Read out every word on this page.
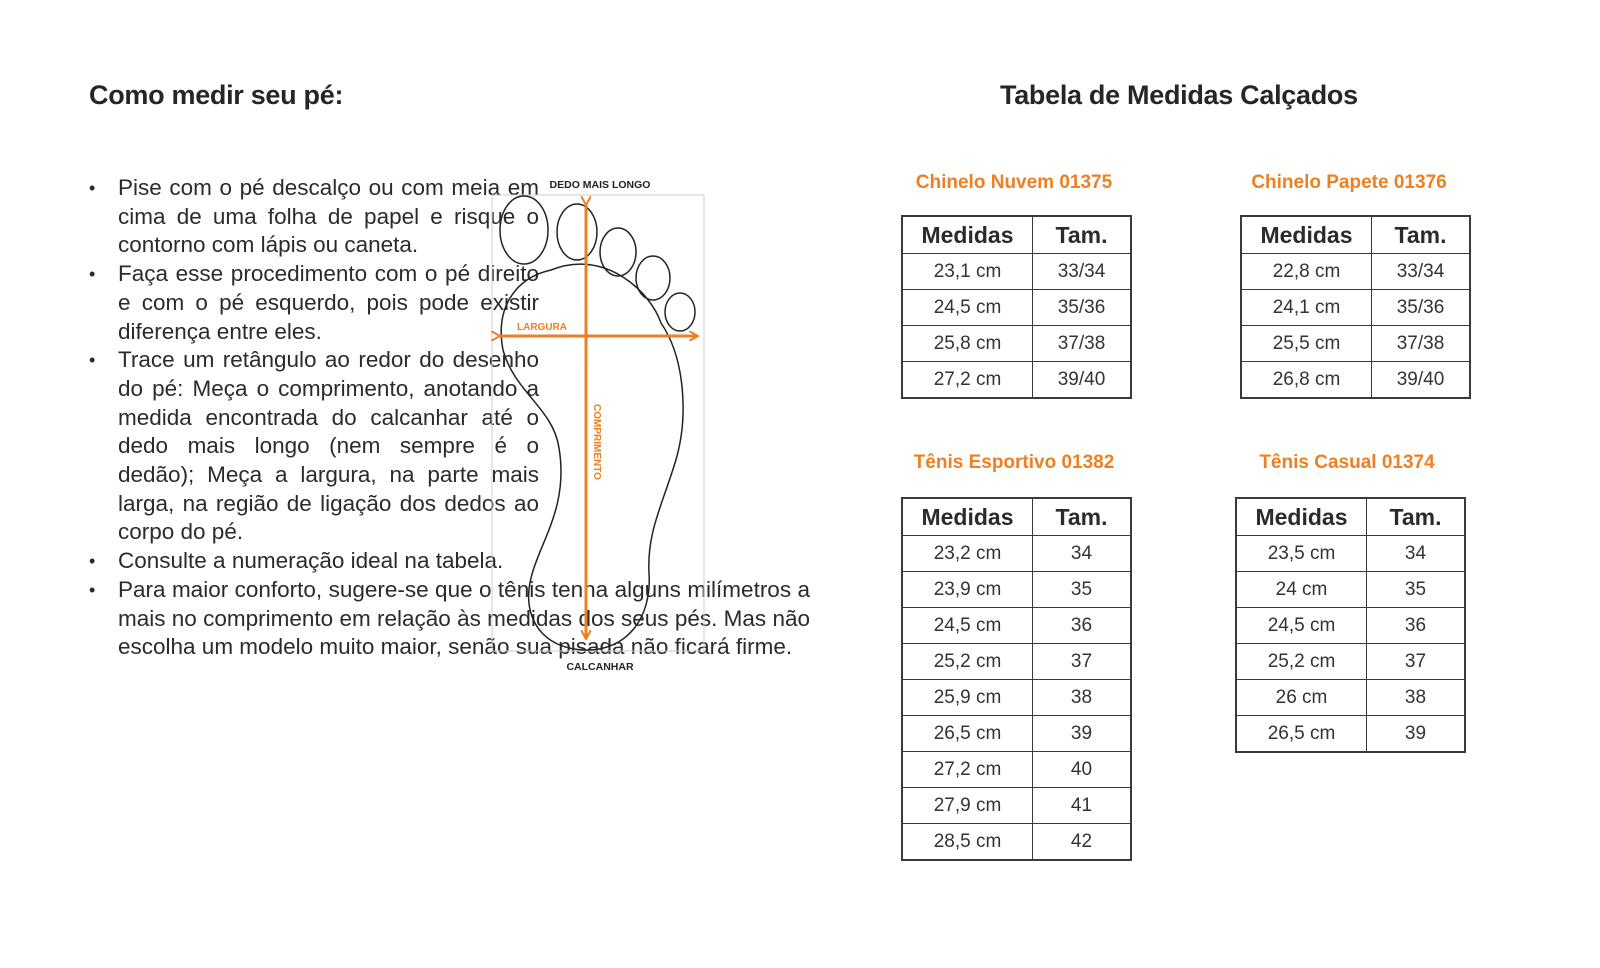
Como medir seu pé:
• Pise com o pé descalço ou com meia em cima de uma folha de papel e risque o contorno com lápis ou caneta.
• Faça esse procedimento com o pé direito e com o pé esquerdo, pois pode existir diferença entre eles.
• Trace um retângulo ao redor do desenho do pé: Meça o comprimento, anotando a medida encontrada do calcanhar até o dedo mais longo (nem sempre é o dedão); Meça a largura, na parte mais larga, na região de ligação dos dedos ao corpo do pé.
• Consulte a numeração ideal na tabela.
• Para maior conforto, sugere-se que o tênis tenha alguns milímetros a mais no comprimento em relação às medidas dos seus pés. Mas não escolha um modelo muito maior, senão sua pisada não ficará firme.
DEDO MAIS LONGO
LARGURA
COMPRIMENTO
CALCANHAR
Tabela de Medidas Calçados
Chinelo Nuvem 01375
Medidas	Tam.
23,1 cm	33/34
24,5 cm	35/36
25,8 cm	37/38
27,2 cm	39/40
Chinelo Papete 01376
Medidas	Tam.
22,8 cm	33/34
24,1 cm	35/36
25,5 cm	37/38
26,8 cm	39/40
Tênis Esportivo 01382
Medidas	Tam.
23,2 cm	34
23,9 cm	35
24,5 cm	36
25,2 cm	37
25,9 cm	38
26,5 cm	39
27,2 cm	40
27,9 cm	41
28,5 cm	42
Tênis Casual 01374
Medidas	Tam.
23,5 cm	34
24 cm	35
24,5 cm	36
25,2 cm	37
26 cm	38
26,5 cm	39
